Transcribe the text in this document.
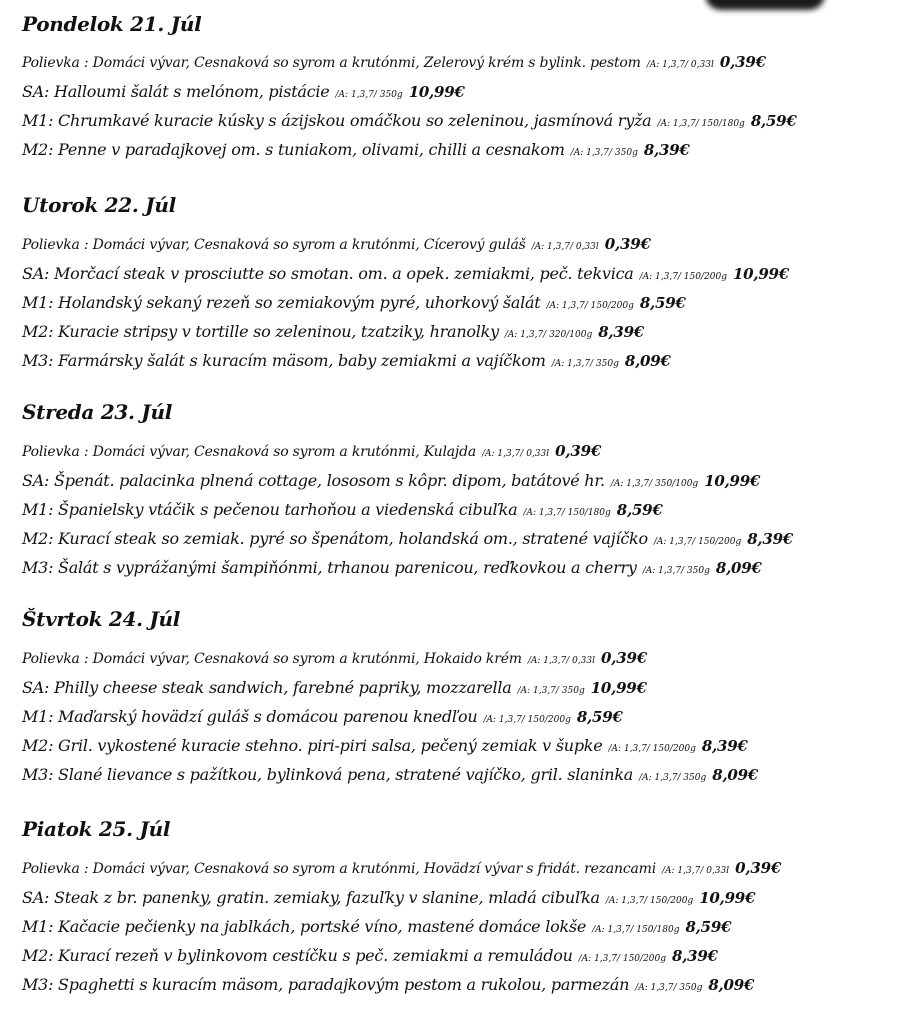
Pondelok 21. Júl
Polievka : Domáci vývar, Cesnaková so syrom a krutónmi, Zelerový krém s bylink. pestom /A: 1,3,7/ 0,33l 0,39€
SA: Halloumi šalát s melónom, pistácie /A: 1,3,7/ 350g 10,99€
M1: Chrumkavé kuracie kúsky s ázijskou omáčkou so zeleninou, jasmínová ryža /A: 1,3,7/ 150/180g 8,59€
M2: Penne v paradajkovej om. s tuniakom, olivami, chilli a cesnakom /A: 1,3,7/ 350g 8,39€
Utorok 22. Júl
Polievka : Domáci vývar, Cesnaková so syrom a krutónmi, Cícerový guláš /A: 1,3,7/ 0,33l 0,39€
SA: Morčací steak v prosciutte so smotan. om. a opek. zemiakmi, peč. tekvica /A: 1,3,7/ 150/200g 10,99€
M1: Holandský sekaný rezeň so zemiakovým pyré, uhorkový šalát /A: 1,3,7/ 150/200g 8,59€
M2: Kuracie stripsy v tortille so zeleninou, tzatziky, hranolky /A: 1,3,7/ 320/100g 8,39€
M3: Farmársky šalát s kuracím mäsom, baby zemiakmi a vajíčkom /A: 1,3,7/ 350g 8,09€
Streda 23. Júl
Polievka : Domáci vývar, Cesnaková so syrom a krutónmi, Kulajda /A: 1,3,7/ 0,33l 0,39€
SA: Špenát. palacinka plnená cottage, lososom s kôpr. dipom, batátové hr. /A: 1,3,7/ 350/100g 10,99€
M1: Španielsky vtáčik s pečenou tarhoňou a viedenská cibuľka /A: 1,3,7/ 150/180g 8,59€
M2: Kurací steak so zemiak. pyré so špenátom, holandská om., stratené vajíčko /A: 1,3,7/ 150/200g 8,39€
M3: Šalát s vyprážanými šampiňónmi, trhanou parenicou, reďkovkou a cherry /A: 1,3,7/ 350g 8,09€
Štvrtok 24. Júl
Polievka : Domáci vývar, Cesnaková so syrom a krutónmi, Hokaido krém /A: 1,3,7/ 0,33l 0,39€
SA: Philly cheese steak sandwich, farebné papriky, mozzarella /A: 1,3,7/ 350g 10,99€
M1: Maďarský hovädzí guláš s domácou parenou knedľou /A: 1,3,7/ 150/200g 8,59€
M2: Gril. vykostené kuracie stehno. piri-piri salsa, pečený zemiak v šupke /A: 1,3,7/ 150/200g 8,39€
M3: Slané lievance s pažítkou, bylinková pena, stratené vajíčko, gril. slaninka /A: 1,3,7/ 350g 8,09€
Piatok 25. Júl
Polievka : Domáci vývar, Cesnaková so syrom a krutónmi, Hovädzí vývar s fridát. rezancami /A: 1,3,7/ 0,33l 0,39€
SA: Steak z br. panenky, gratin. zemiaky, fazuľky v slanine, mladá cibuľka /A: 1,3,7/ 150/200g 10,99€
M1: Kačacie pečienky na jablkách, portské víno, mastené domáce lokše /A: 1,3,7/ 150/180g 8,59€
M2: Kurací rezeň v bylinkovom cestíčku s peč. zemiakmi a remuládou /A: 1,3,7/ 150/200g 8,39€
M3: Spaghetti s kuracím mäsom, paradajkovým pestom a rukolou, parmezán /A: 1,3,7/ 350g 8,09€
